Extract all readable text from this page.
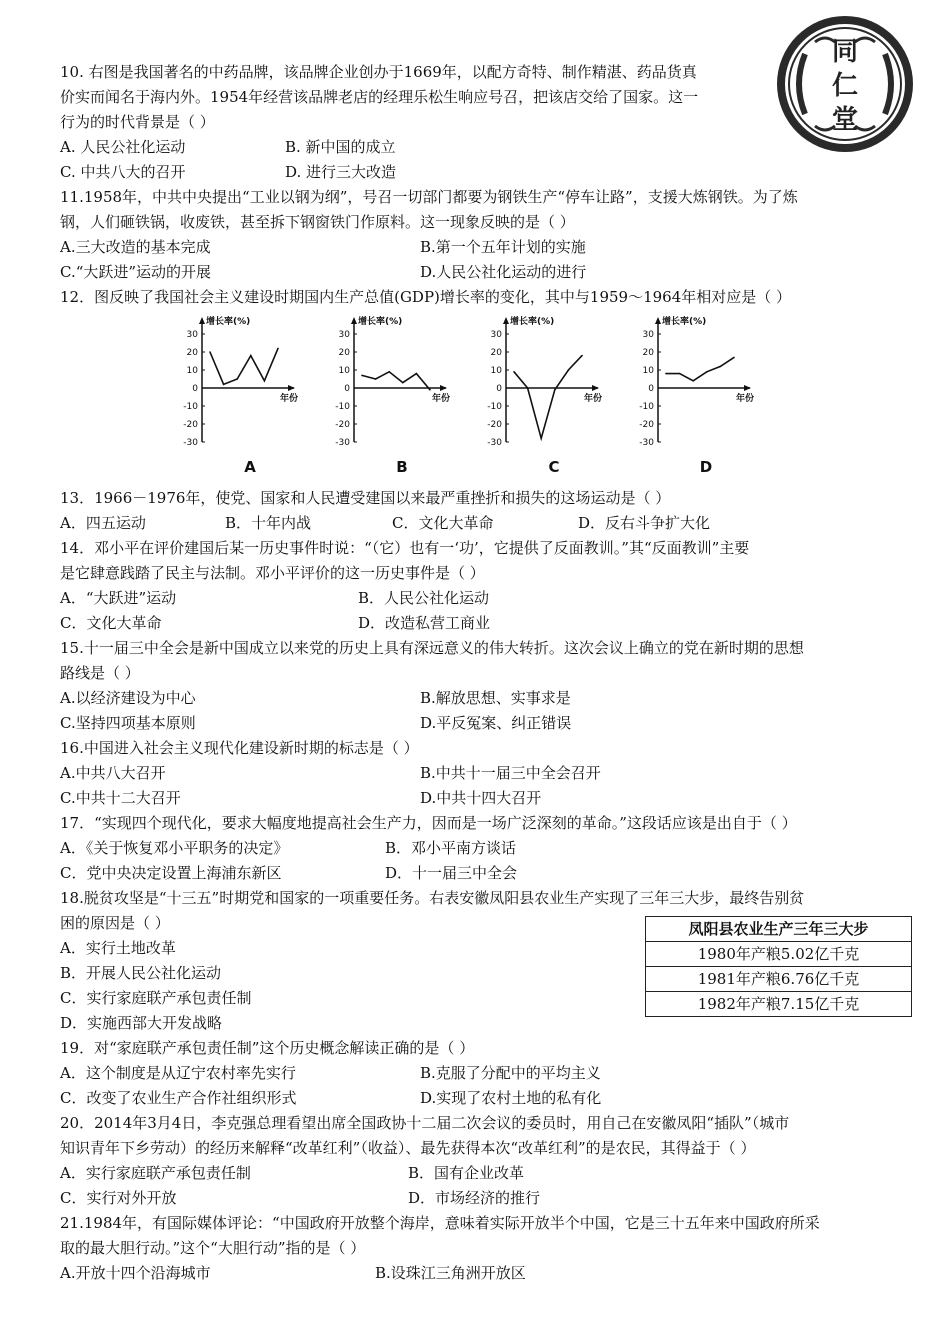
同
仁
堂
10. 右图是我国著名的中药品牌，该品牌企业创办于1669年，以配方奇特、制作精湛、药品货真
价实而闻名于海内外。1954年经营该品牌老店的经理乐松生响应号召，把该店交给了国家。这一
行为的时代背景是（ ）
A. 人民公社化运动	B. 新中国的成立
C. 中共八大的召开	D. 进行三大改造
11.1958年，中共中央提出“工业以钢为纲”，号召一切部门都要为钢铁生产“停车让路”，支援大炼钢铁。为了炼
钢，人们砸铁锅，收废铁，甚至拆下钢窗铁门作原料。这一现象反映的是（ ）
A.三大改造的基本完成	B.第一个五年计划的实施
C.“大跃进”运动的开展	D.人民公社化运动的进行
12．图反映了我国社会主义建设时期国内生产总值(GDP)增长率的变化，其中与1959～1964年相对应是（ ）
增长率(%)
30
20
10
0
-10
-20
-30
年份
A
增长率(%)
30
20
10
0
-10
-20
-30
年份
B
增长率(%)
30
20
10
0
-10
-20
-30
年份
C
增长率(%)
30
20
10
0
-10
-20
-30
年份
D
13．1966－1976年，使党、国家和人民遭受建国以来最严重挫折和损失的这场运动是（ ）
A．四五运动	B．十年内战	C．文化大革命	D．反右斗争扩大化
14．邓小平在评价建国后某一历史事件时说：“（它）也有一‘功’，它提供了反面教训。”其“反面教训”主要
是它肆意践踏了民主与法制。邓小平评价的这一历史事件是（ ）
A．“大跃进”运动	B．人民公社化运动
C．文化大革命	D．改造私营工商业
15.十一届三中全会是新中国成立以来党的历史上具有深远意义的伟大转折。这次会议上确立的党在新时期的思想
路线是（ ）
A.以经济建设为中心	B.解放思想、实事求是
C.坚持四项基本原则	D.平反冤案、纠正错误
16.中国进入社会主义现代化建设新时期的标志是（ ）
A.中共八大召开	B.中共十一届三中全会召开
C.中共十二大召开	D.中共十四大召开
17．“实现四个现代化，要求大幅度地提高社会生产力，因而是一场广泛深刻的革命。”这段话应该是出自于（ ）
A．《关于恢复邓小平职务的决定》	B．邓小平南方谈话
C．党中央决定设置上海浦东新区	D．十一届三中全会
18.脱贫攻坚是“十三五”时期党和国家的一项重要任务。右表安徽凤阳县农业生产实现了三年三大步，最终告别贫
困的原因是（ ）
A．实行土地改革
B．开展人民公社化运动
C．实行家庭联产承包责任制
D．实施西部大开发战略
凤阳县农业生产三年三大步
1980年产粮5.02亿千克
1981年产粮6.76亿千克
1982年产粮7.15亿千克
19．对“家庭联产承包责任制”这个历史概念解读正确的是（ ）
A．这个制度是从辽宁农村率先实行	B.克服了分配中的平均主义
C．改变了农业生产合作社组织形式	D.实现了农村土地的私有化
20．2014年3月4日，李克强总理看望出席全国政协十二届二次会议的委员时，用自己在安徽凤阳“插队”（城市
知识青年下乡劳动）的经历来解释“改革红利”（收益）、最先获得本次“改革红利”的是农民，其得益于（ ）
A．实行家庭联产承包责任制	B．国有企业改革
C．实行对外开放	D．市场经济的推行
21.1984年，有国际媒体评论：“中国政府开放整个海岸，意味着实际开放半个中国，它是三十五年来中国政府所采
取的最大胆行动。”这个“大胆行动”指的是（ ）
A.开放十四个沿海城市	B.设珠江三角洲开放区
